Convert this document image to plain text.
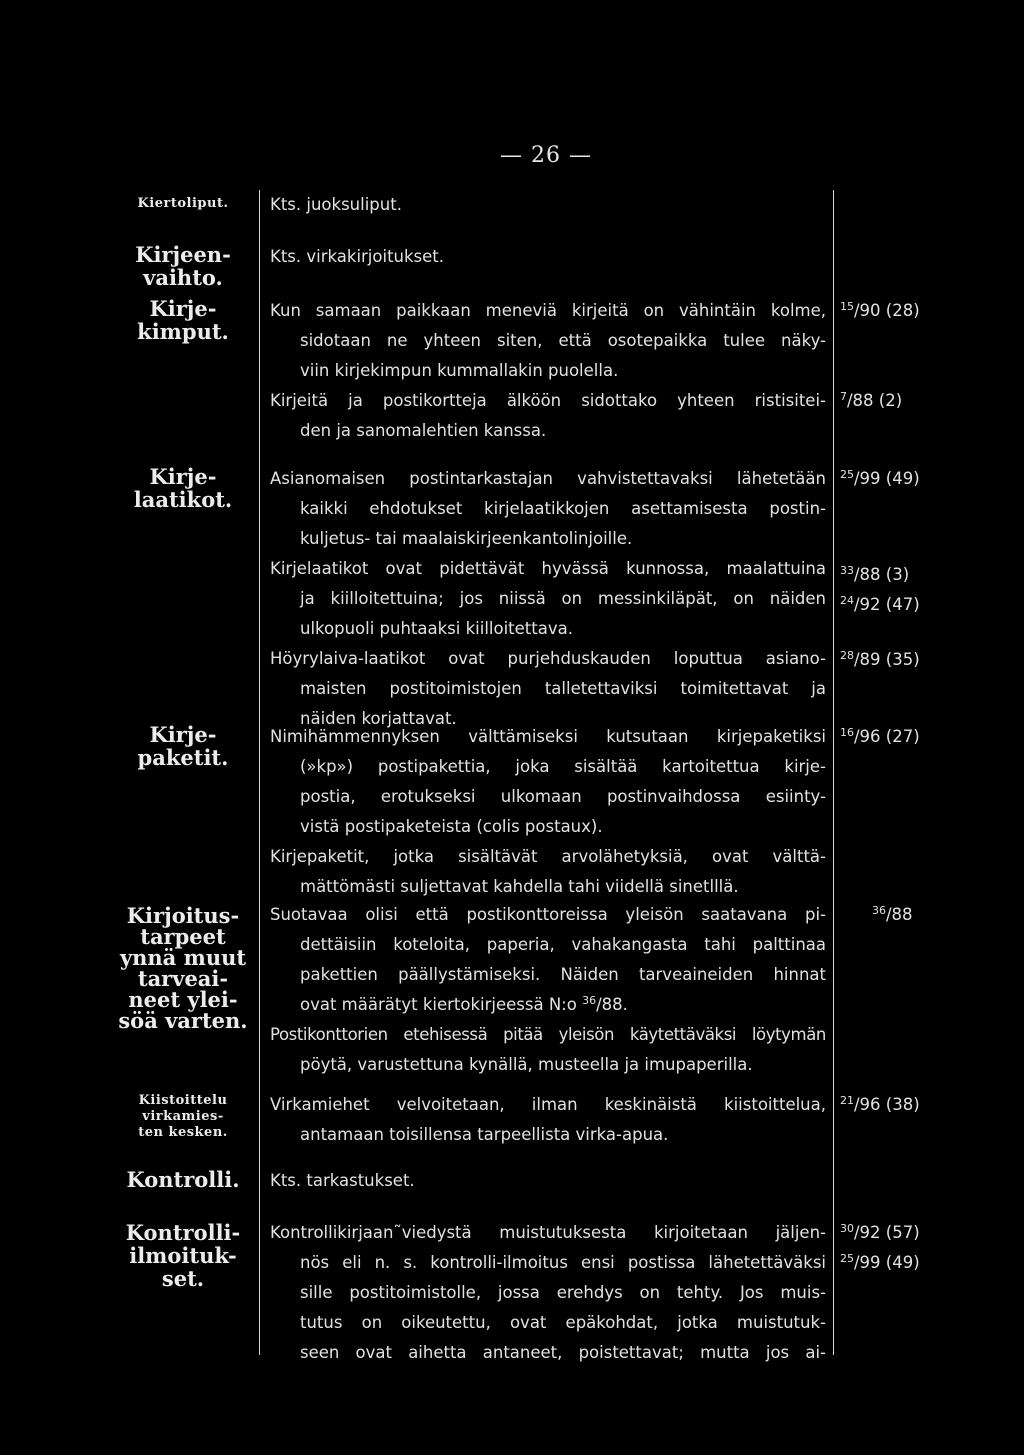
— 26 —
Kiertoliput.	Kts. juoksuliput.
Kirjeen-
vaihto.
Kts. virkakirjoitukset.
Kirje-
kimput.
Kun samaan paikkaan meneviä kirjeitä on vähintäin kolme,
sidotaan ne yhteen siten, että osotepaikka tulee näky-
viin kirjekimpun kummallakin puolella.
Kirjeitä ja postikortteja älköön sidottako yhteen ristisitei-
den ja sanomalehtien kanssa.
$^{15}$/90 (28)
$^7$/88 (2)
Kirje-
laatikot.
Asianomaisen postintarkastajan vahvistettavaksi lähetetään
kaikki ehdotukset kirjelaatikkojen asettamisesta postin-
kuljetus- tai maalaiskirjeenkantolinjoille.
Kirjelaatikot ovat pidettävät hyvässä kunnossa, maalattuina
ja kiilloitettuina; jos niissä on messinkiläpät, on näiden
ulkopuoli puhtaaksi kiilloitettava.
Höyrylaiva-laatikot ovat purjehduskauden loputtua asiano-
maisten postitoimistojen talletettaviksi toimitettavat ja
näiden korjattavat.
$^{25}$/99 (49)
$^{33}$/88 (3)
$^{24}$/92 (47)
$^{28}$/89 (35)
Kirje-
paketit.
Nimihämmennyksen välttämiseksi kutsutaan kirjepaketiksi
(»kp») postipakettia, joka sisältää kartoitettua kirje-
postia, erotukseksi ulkomaan postinvaihdossa esiinty-
vistä postipaketeista (colis postaux).
Kirjepaketit, jotka sisältävät arvolähetyksiä, ovat välttä-
mättömästi suljettavat kahdella tahi viidellä sinetlllä.
$^{16}$/96 (27)
Kirjoitus-
tarpeet
ynnä muut
tarveai-
neet ylei-
söä varten.
Suotavaa olisi että postikonttoreissa yleisön saatavana pi-
dettäisiin koteloita, paperia, vahakangasta tahi palttinaa
pakettien päällystämiseksi. Näiden tarveaineiden hinnat
ovat määrätyt kiertokirjeessä N:o $^{36}$/88.
Postikonttorien etehisessä pitää yleisön käytettäväksi löytymän
pöytä, varustettuna kynällä, musteella ja imupaperilla.
$^{36}$/88
Kiistoittelu
virkamies-
ten kesken.
Virkamiehet velvoitetaan, ilman keskinäistä kiistoittelua,
antamaan toisillensa tarpeellista virka-apua.
$^{21}$/96 (38)
Kontrolli.	Kts. tarkastukset.
Kontrolli-
ilmoituk-
set.
Kontrollikirjaan˜viedystä muistutuksesta kirjoitetaan jäljen-
nös eli n. s. kontrolli-ilmoitus ensi postissa lähetettäväksi
sille postitoimistolle, jossa erehdys on tehty. Jos muis-
tutus on oikeutettu, ovat epäkohdat, jotka muistutuk-
seen ovat aihetta antaneet, poistettavat; mutta jos ai-
$^{30}$/92 (57)
$^{25}$/99 (49)
